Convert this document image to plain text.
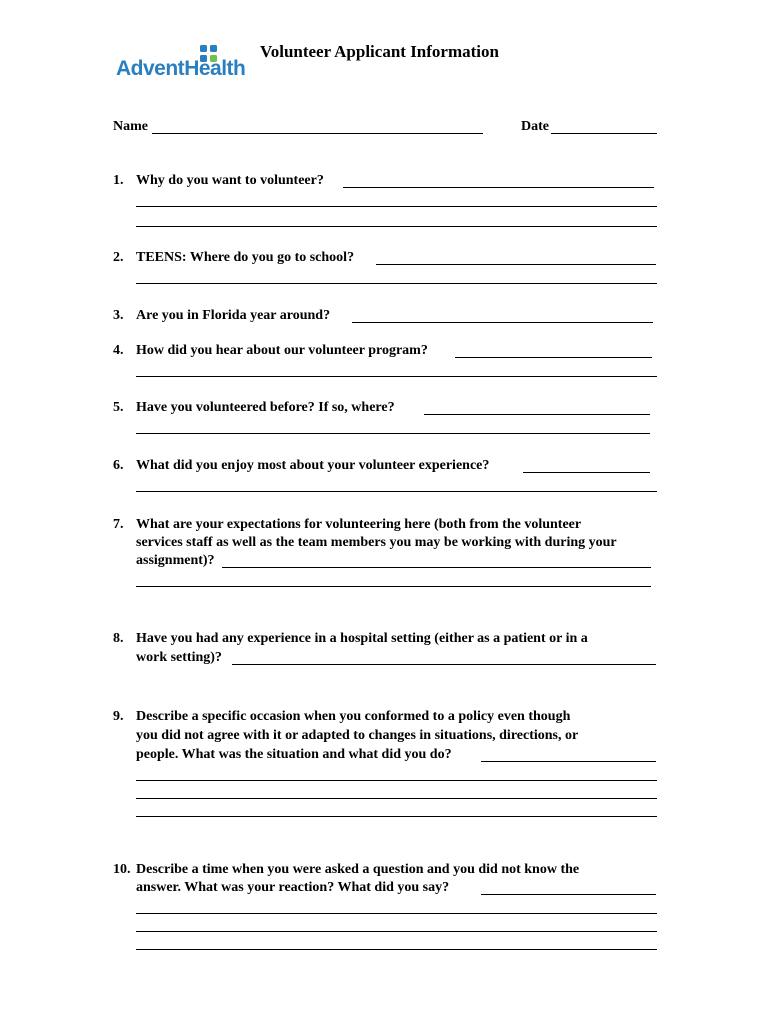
AdventHealth
Volunteer Applicant Information
Name	Date
1. Why do you want to volunteer?
2. TEENS: Where do you go to school?
3. Are you in Florida year around?
4. How did you hear about our volunteer program?
5. Have you volunteered before? If so, where?
6. What did you enjoy most about your volunteer experience?
7. What are your expectations for volunteering here (both from the volunteer
services staff as well as the team members you may be working with during your
assignment)?
8. Have you had any experience in a hospital setting (either as a patient or in a
work setting)?
9. Describe a specific occasion when you conformed to a policy even though
you did not agree with it or adapted to changes in situations, directions, or
people. What was the situation and what did you do?
10. Describe a time when you were asked a question and you did not know the
answer. What was your reaction? What did you say?
